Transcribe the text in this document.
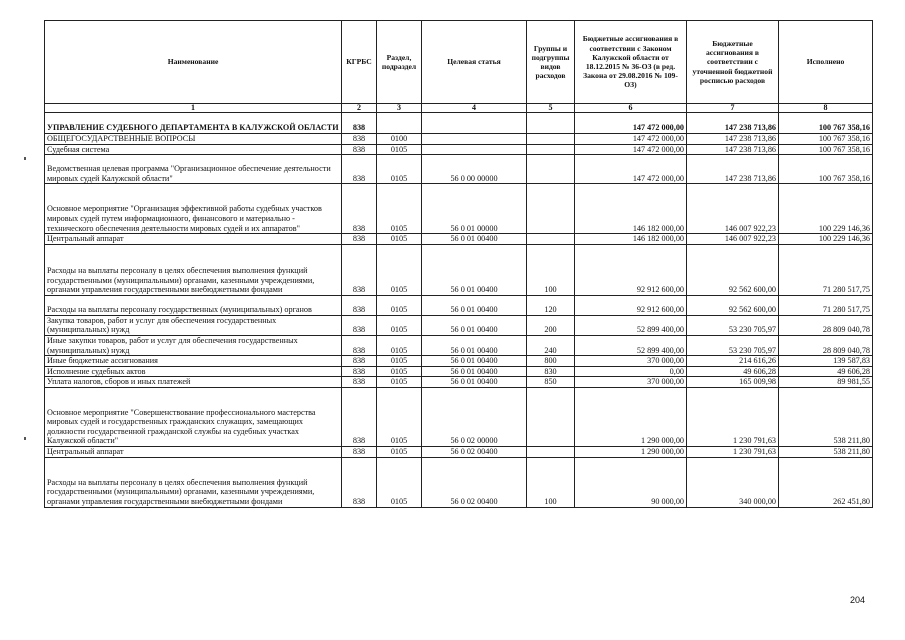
Наименование	КГРБС	Раздел, подраздел	Целевая статья	Группы и подгруппы видов расходов	Бюджетные ассигнования в соответствии с Законом Калужской области от 18.12.2015 № 36-ОЗ (в ред. Закона от 29.08.2016 № 109-ОЗ)	Бюджетные ассигнования в соответствии с уточненной бюджетной росписью расходов	Исполнено
1	2	3	4	5	6	7	8
УПРАВЛЕНИЕ СУДЕБНОГО ДЕПАРТАМЕНТА В КАЛУЖСКОЙ ОБЛАСТИ	838				147 472 000,00	147 238 713,86	100 767 358,16
ОБЩЕГОСУДАРСТВЕННЫЕ ВОПРОСЫ	838	0100			147 472 000,00	147 238 713,86	100 767 358,16
Судебная система	838	0105			147 472 000,00	147 238 713,86	100 767 358,16
Ведомственная целевая программа "Организационное обеспечение деятельности мировых судей Калужской области"	838	0105	56 0 00 00000		147 472 000,00	147 238 713,86	100 767 358,16
Основное мероприятие "Организация эффективной работы судебных участков мировых судей путем информационного, финансового и материально - технического обеспечения деятельности мировых судей и их аппаратов"	838	0105	56 0 01 00000		146 182 000,00	146 007 922,23	100 229 146,36
Центральный аппарат	838	0105	56 0 01 00400		146 182 000,00	146 007 922,23	100 229 146,36
Расходы на выплаты персоналу в целях обеспечения выполнения функций государственными (муниципальными) органами, казенными учреждениями, органами управления государственными внебюджетными фондами	838	0105	56 0 01 00400	100	92 912 600,00	92 562 600,00	71 280 517,75
Расходы на выплаты персоналу государственных (муниципальных) органов	838	0105	56 0 01 00400	120	92 912 600,00	92 562 600,00	71 280 517,75
Закупка товаров, работ и услуг для обеспечения государственных (муниципальных) нужд	838	0105	56 0 01 00400	200	52 899 400,00	53 230 705,97	28 809 040,78
Иные закупки товаров, работ и услуг для обеспечения государственных (муниципальных) нужд	838	0105	56 0 01 00400	240	52 899 400,00	53 230 705,97	28 809 040,78
Иные бюджетные ассигнования	838	0105	56 0 01 00400	800	370 000,00	214 616,26	139 587,83
Исполнение судебных актов	838	0105	56 0 01 00400	830	0,00	49 606,28	49 606,28
Уплата налогов, сборов и иных платежей	838	0105	56 0 01 00400	850	370 000,00	165 009,98	89 981,55
Основное мероприятие "Совершенствование профессионального мастерства мировых судей и государственных гражданских служащих, замещающих должности государственной гражданской службы на судебных участках Калужской области"	838	0105	56 0 02 00000		1 290 000,00	1 230 791,63	538 211,80
Центральный аппарат	838	0105	56 0 02 00400		1 290 000,00	1 230 791,63	538 211,80
Расходы на выплаты персоналу в целях обеспечения выполнения функций государственными (муниципальными) органами, казенными учреждениями, органами управления государственными внебюджетными фондами	838	0105	56 0 02 00400	100	90 000,00	340 000,00	262 451,80
204
